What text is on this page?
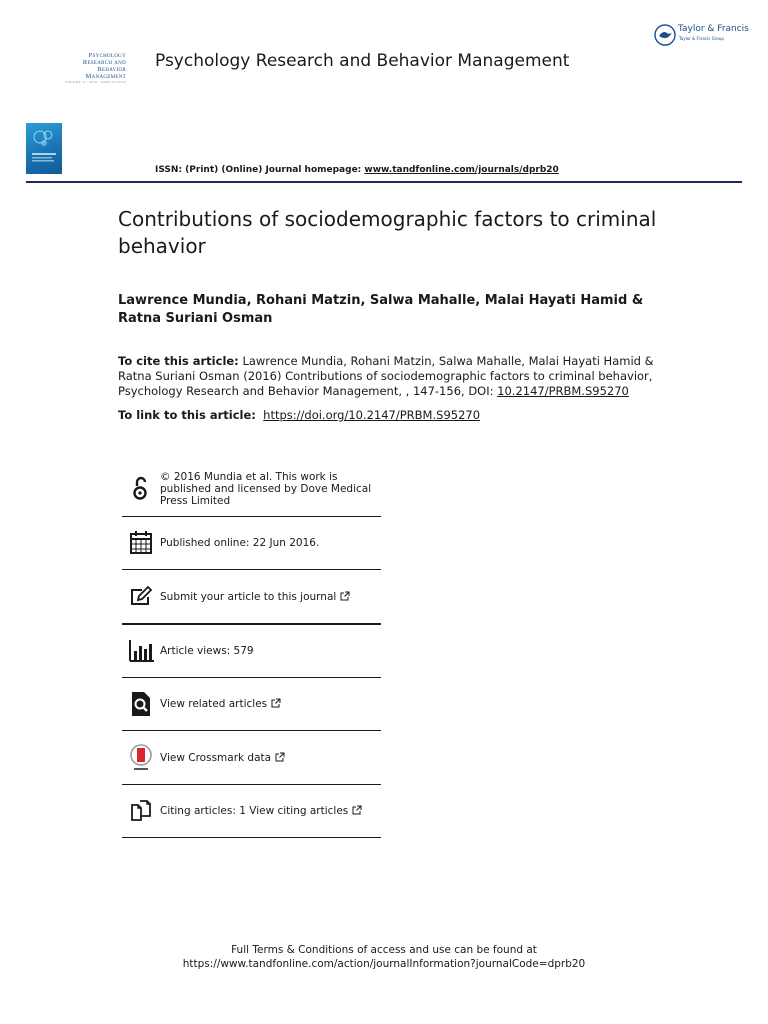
Psychology
Research and
Behavior
Management
VOLUME 11 · 2018 · OPEN ACCESS
Psychology Research and Behavior Management
Taylor & Francis
Taylor & Francis Group
ISSN: (Print) (Online) Journal homepage: www.tandfonline.com/journals/dprb20
Contributions of sociodemographic factors to criminal behavior
Lawrence Mundia, Rohani Matzin, Salwa Mahalle, Malai Hayati Hamid & Ratna Suriani Osman
To cite this article: Lawrence Mundia, Rohani Matzin, Salwa Mahalle, Malai Hayati Hamid & Ratna Suriani Osman (2016) Contributions of sociodemographic factors to criminal behavior, Psychology Research and Behavior Management, , 147-156, DOI: 10.2147/PRBM.S95270
To link to this article: https://doi.org/10.2147/PRBM.S95270
© 2016 Mundia et al. This work is published and licensed by Dove Medical Press Limited
Published online: 22 Jun 2016.
Submit your article to this journal
Article views: 579
View related articles
View Crossmark data
Citing articles: 1 View citing articles
Full Terms & Conditions of access and use can be found at
https://www.tandfonline.com/action/journalInformation?journalCode=dprb20
